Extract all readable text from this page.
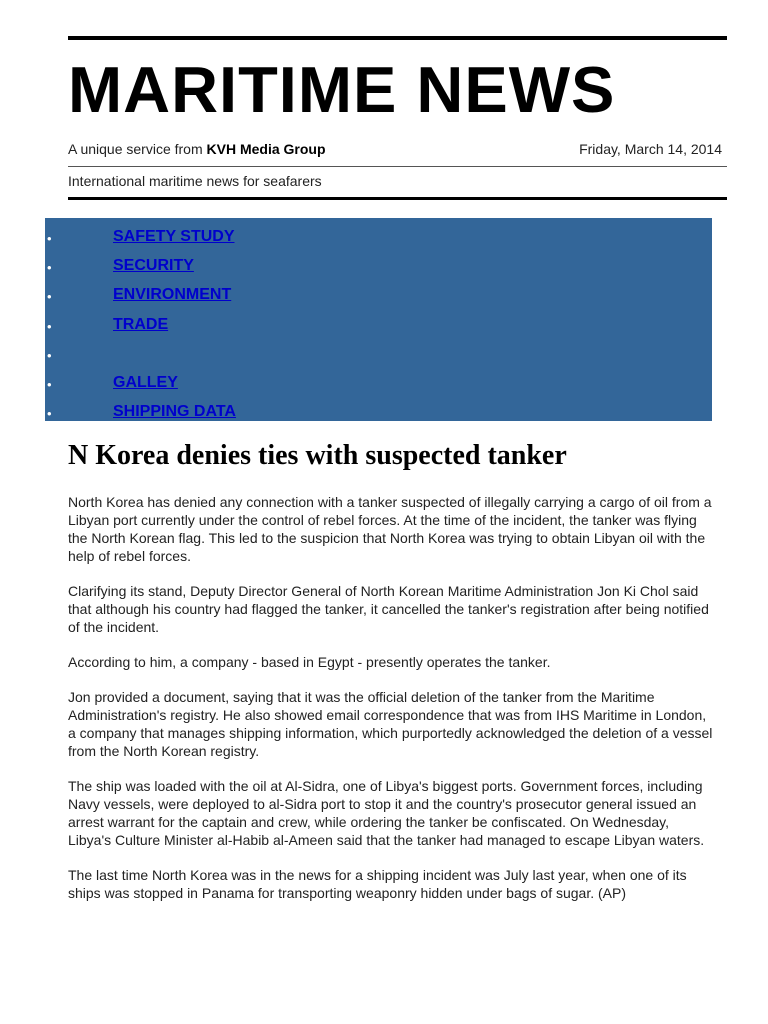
MARITIME NEWS
A unique service from KVH Media Group	Friday, March 14, 2014
International maritime news for seafarers
•	SAFETY STUDY
•	SECURITY
•	ENVIRONMENT
•	TRADE
•
•	GALLEY
•	SHIPPING DATA
N Korea denies ties with suspected tanker

North Korea has denied any connection with a tanker suspected of illegally carrying a cargo of oil from a Libyan port currently under the control of rebel forces. At the time of the incident, the tanker was flying the North Korean flag. This led to the suspicion that North Korea was trying to obtain Libyan oil with the help of rebel forces.

Clarifying its stand, Deputy Director General of North Korean Maritime Administration Jon Ki Chol said that although his country had flagged the tanker, it cancelled the tanker's registration after being notified of the incident.

According to him, a company - based in Egypt - presently operates the tanker.

Jon provided a document, saying that it was the official deletion of the tanker from the Maritime Administration's registry. He also showed email correspondence that was from IHS Maritime in London, a company that manages shipping information, which purportedly acknowledged the deletion of a vessel from the North Korean registry.

The ship was loaded with the oil at Al-Sidra, one of Libya's biggest ports. Government forces, including Navy vessels, were deployed to al-Sidra port to stop it and the country's prosecutor general issued an arrest warrant for the captain and crew, while ordering the tanker be confiscated. On Wednesday, Libya's Culture Minister al-Habib al-Ameen said that the tanker had managed to escape Libyan waters.

The last time North Korea was in the news for a shipping incident was July last year, when one of its ships was stopped in Panama for transporting weaponry hidden under bags of sugar. (AP)
